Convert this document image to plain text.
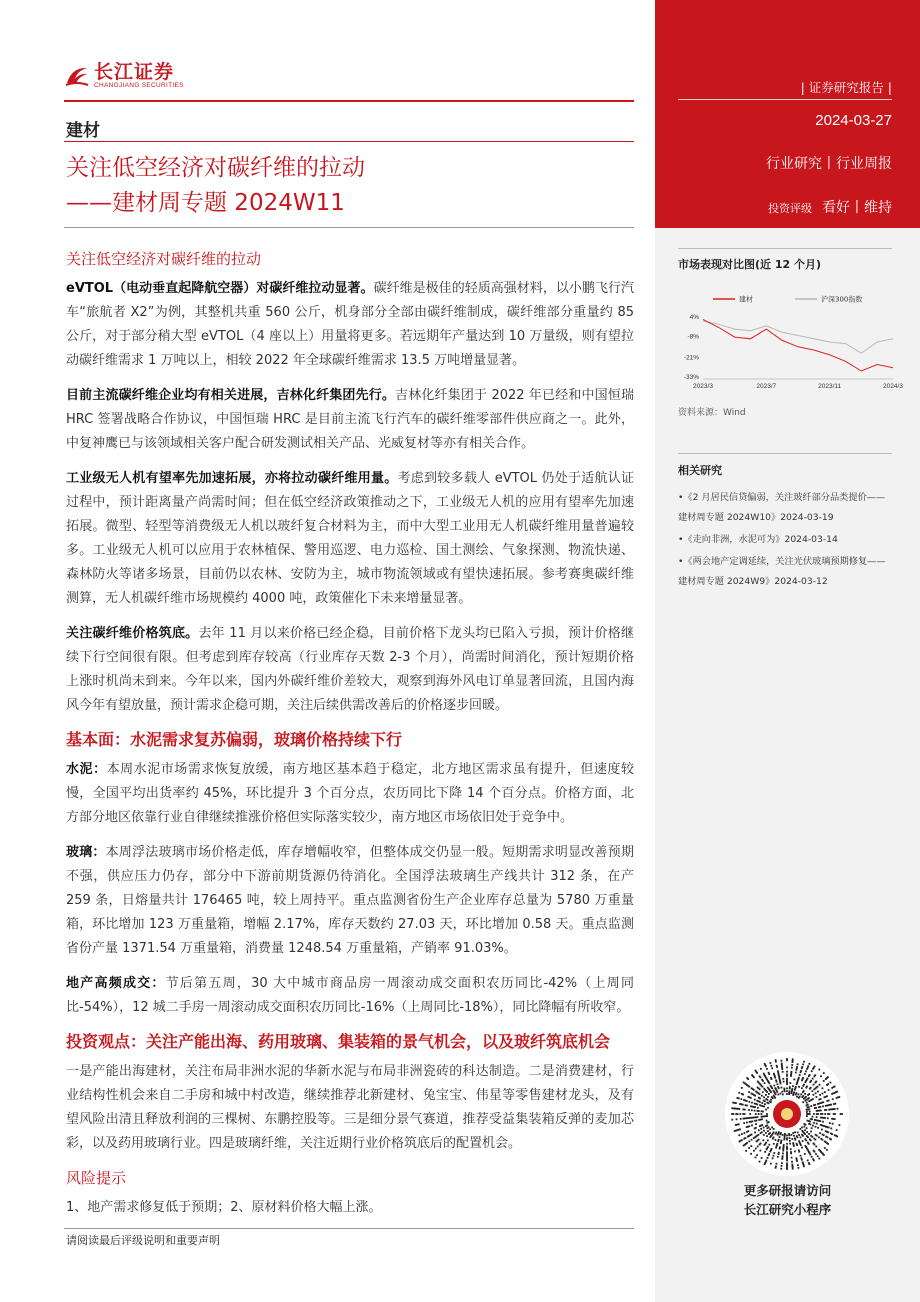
长江证券
CHANGJIANG SECURITIES
建材
关注低空经济对碳纤维的拉动
——建材周专题 2024W11
关注低空经济对碳纤维的拉动
eVTOL（电动垂直起降航空器）对碳纤维拉动显著。碳纤维是极佳的轻质高强材料，以小鹏飞行汽车“旅航者 X2”为例，其整机共重 560 公斤，机身部分全部由碳纤维制成，碳纤维部分重量约 85 公斤，对于部分稍大型 eVTOL（4 座以上）用量将更多。若远期年产量达到 10 万量级，则有望拉动碳纤维需求 1 万吨以上，相较 2022 年全球碳纤维需求 13.5 万吨增量显著。
目前主流碳纤维企业均有相关进展，吉林化纤集团先行。吉林化纤集团于 2022 年已经和中国恒瑞 HRC 签署战略合作协议，中国恒瑞 HRC 是目前主流飞行汽车的碳纤维零部件供应商之一。此外，中复神鹰已与该领域相关客户配合研发测试相关产品、光威复材等亦有相关合作。
工业级无人机有望率先加速拓展，亦将拉动碳纤维用量。考虑到较多载人 eVTOL 仍处于适航认证过程中，预计距离量产尚需时间；但在低空经济政策推动之下，工业级无人机的应用有望率先加速拓展。微型、轻型等消费级无人机以玻纤复合材料为主，而中大型工业用无人机碳纤维用量普遍较多。工业级无人机可以应用于农林植保、警用巡逻、电力巡检、国土测绘、气象探测、物流快递、森林防火等诸多场景，目前仍以农林、安防为主，城市物流领域或有望快速拓展。参考赛奥碳纤维测算，无人机碳纤维市场规模约 4000 吨，政策催化下未来增量显著。
关注碳纤维价格筑底。去年 11 月以来价格已经企稳，目前价格下龙头均已陷入亏损，预计价格继续下行空间很有限。但考虑到库存较高（行业库存天数 2-3 个月），尚需时间消化，预计短期价格上涨时机尚未到来。今年以来，国内外碳纤维价差较大，观察到海外风电订单显著回流，且国内海风今年有望放量，预计需求企稳可期，关注后续供需改善后的价格逐步回暖。
基本面：水泥需求复苏偏弱，玻璃价格持续下行
水泥：本周水泥市场需求恢复放缓，南方地区基本趋于稳定，北方地区需求虽有提升，但速度较慢，全国平均出货率约 45%，环比提升 3 个百分点，农历同比下降 14 个百分点。价格方面，北方部分地区依靠行业自律继续推涨价格但实际落实较少，南方地区市场依旧处于竞争中。
玻璃：本周浮法玻璃市场价格走低，库存增幅收窄，但整体成交仍显一般。短期需求明显改善预期不强，供应压力仍存，部分中下游前期货源仍待消化。全国浮法玻璃生产线共计 312 条，在产 259 条，日熔量共计 176465 吨，较上周持平。重点监测省份生产企业库存总量为 5780 万重量箱，环比增加 123 万重量箱，增幅 2.17%，库存天数约 27.03 天，环比增加 0.58 天。重点监测省份产量 1371.54 万重量箱，消费量 1248.54 万重量箱，产销率 91.03%。
地产高频成交：节后第五周，30 大中城市商品房一周滚动成交面积农历同比-42%（上周同比-54%），12 城二手房一周滚动成交面积农历同比-16%（上周同比-18%），同比降幅有所收窄。
投资观点：关注产能出海、药用玻璃、集装箱的景气机会，以及玻纤筑底机会
一是产能出海建材，关注布局非洲水泥的华新水泥与布局非洲瓷砖的科达制造。二是消费建材，行业结构性机会来自二手房和城中村改造，继续推荐北新建材、兔宝宝、伟星等零售建材龙头，及有望风险出清且释放利润的三棵树、东鹏控股等。三是细分景气赛道，推荐受益集装箱反弹的麦加芯彩，以及药用玻璃行业。四是玻璃纤维，关注近期行业价格筑底后的配置机会。
风险提示
1、地产需求修复低于预期；2、原材料价格大幅上涨。
请阅读最后评级说明和重要声明
| 证券研究报告 |
2024-03-27
行业研究丨行业周报
投资评级 看好丨维持
市场表现对比图(近 12 个月)
4%
-8%
-21%
-33%
2023/3	2023/7	2023/11	2024/3
建材	沪深300指数
资料来源：Wind
相关研究
•《2 月居民信贷偏弱，关注玻纤部分品类提价——建材周专题 2024W10》2024-03-19
•《走向非洲，水泥可为》2024-03-14
•《两会地产定调延续，关注光伏玻璃预期修复——建材周专题 2024W9》2024-03-12
更多研报请访问
长江研究小程序
